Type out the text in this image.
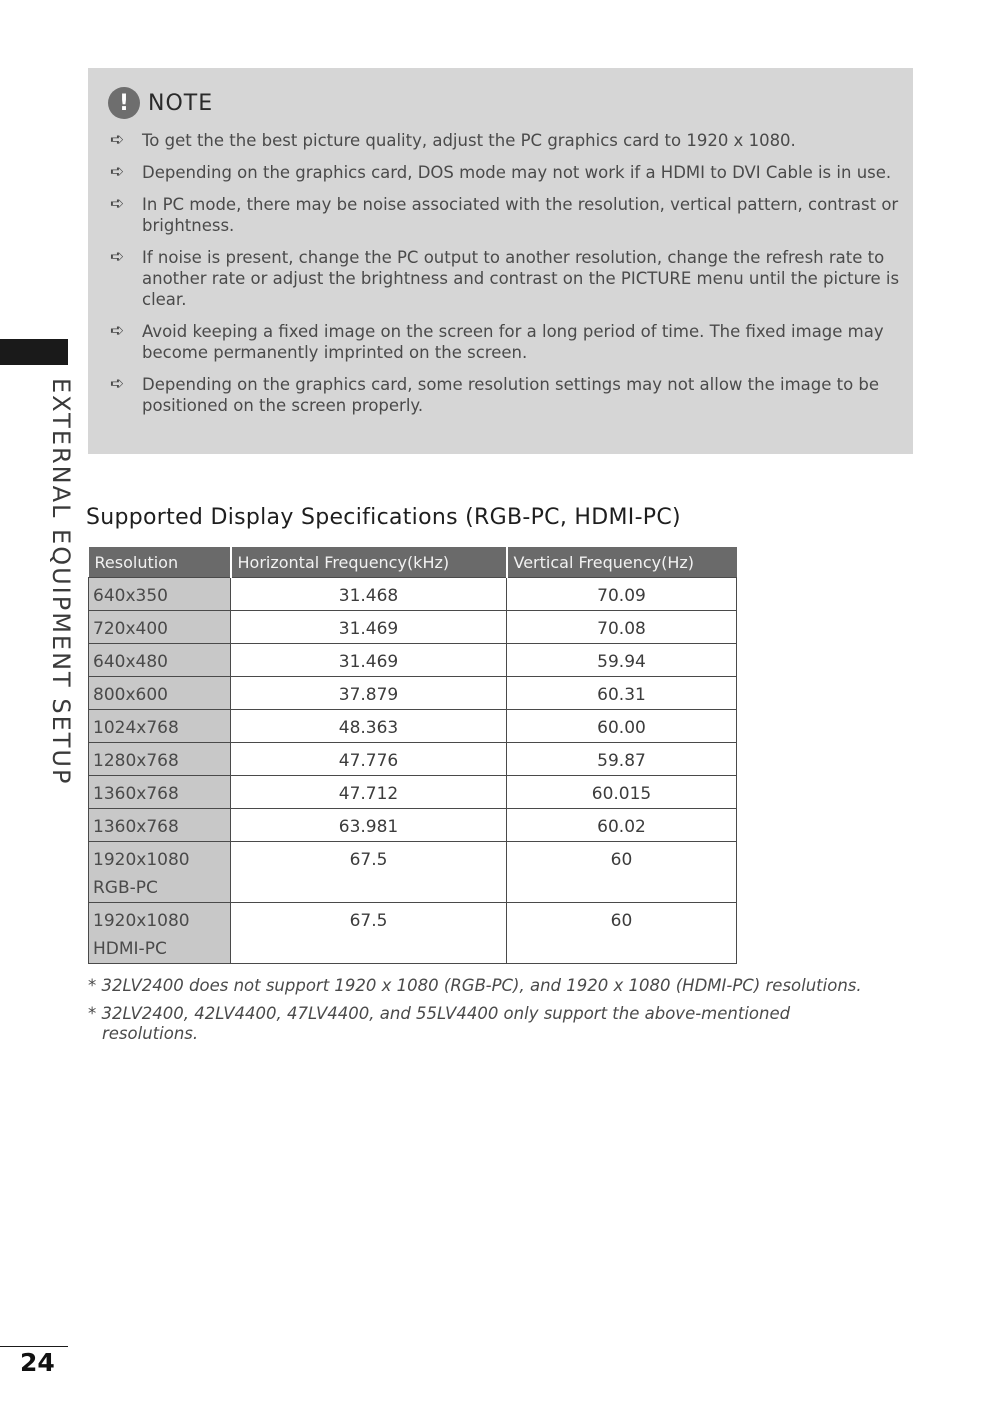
! NOTE
➪	To get the the best picture quality, adjust the PC graphics card to 1920 x 1080.
➪	Depending on the graphics card, DOS mode may not work if a HDMI to DVI Cable is in use.
➪	In PC mode, there may be noise associated with the resolution, vertical pattern, contrast or brightness.
➪	If noise is present, change the PC output to another resolution, change the refresh rate to another rate or adjust the brightness and contrast on the PICTURE menu until the picture is clear.
➪	Avoid keeping a fixed image on the screen for a long period of time. The fixed image may become permanently imprinted on the screen.
➪	Depending on the graphics card, some resolution settings may not allow the image to be positioned on the screen properly.
EXTERNAL EQUIPMENT SETUP Supported Display Specifications (RGB-PC, HDMI-PC)
Resolution	Horizontal Frequency(kHz)	Vertical Frequency(Hz)
640x350	31.468	70.09
720x400	31.469	70.08
640x480	31.469	59.94
800x600	37.879	60.31
1024x768	48.363	60.00
1280x768	47.776	59.87
1360x768	47.712	60.015
1360x768	63.981	60.02

1920x1080
RGB-PC	67.5	60

1920x1080
HDMI-PC	67.5	60
* 32LV2400 does not support 1920 x 1080 (RGB-PC), and 1920 x 1080 (HDMI-PC) resolutions.
* 32LV2400, 42LV4400, 47LV4400, and 55LV4400 only support the above-mentioned resolutions.
24
